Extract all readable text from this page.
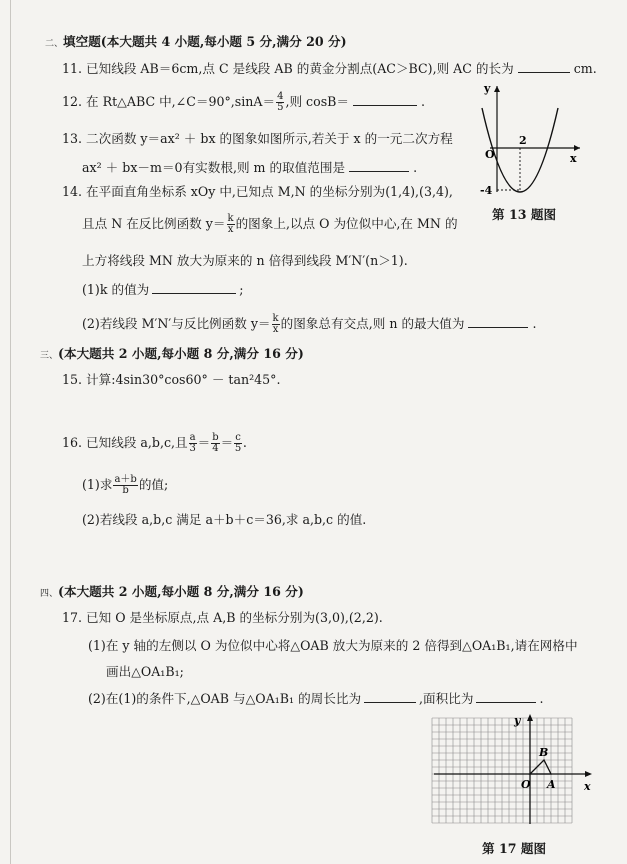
二、填空题(本大题共 4 小题,每小题 5 分,满分 20 分)
11. 已知线段 AB＝6cm,点 C 是线段 AB 的黄金分割点(AC＞BC),则 AC 的长为	cm.
12. 在 Rt△ABC 中,∠C＝90°,sinA＝ $\frac{4}{5}$ ,则 cosB＝	.
13. 二次函数 y＝ax² ＋ bx 的图象如图所示,若关于 x 的一元二次方程
ax² ＋ bx－m＝0有实数根,则 m 的取值范围是	.
y
x
O
2
-4
第 13 题图
14. 在平面直角坐标系 xOy 中,已知点 M,N 的坐标分别为(1,4),(3,4),
且点 N 在反比例函数 $y= \frac{k}{x}$ 的图象上,以点 O 为位似中心,在 MN 的
上方将线段 MN 放大为原来的 n 倍得到线段 M′N′(n＞1).
(1)k 的值为	;
(2)若线段 M′N′与反比例函数 $y= \frac{k}{x}$ 的图象总有交点,则 n 的最大值为	.
三、(本大题共 2 小题,每小题 8 分,满分 16 分)
15. 计算:4sin30°cos60° － tan²45°.
16. 已知线段 a,b,c,且 $\frac{a}{3} = \frac{b}{4} = \frac{c}{5}$ .
(1)求 $\frac{a+b}{b}$ 的值;
(2)若线段 a,b,c 满足 a＋b＋c＝36,求 a,b,c 的值.
四、(本大题共 2 小题,每小题 8 分,满分 16 分)
17. 已知 O 是坐标原点,点 A,B 的坐标分别为(3,0),(2,2).
(1)在 y 轴的左侧以 O 为位似中心将△OAB 放大为原来的 2 倍得到△OA₁B₁,请在网格中
画出△OA₁B₁;
(2)在(1)的条件下,△OAB 与△OA₁B₁ 的周长比为	,面积比为	.
y
x
O A
B
第 17 题图
